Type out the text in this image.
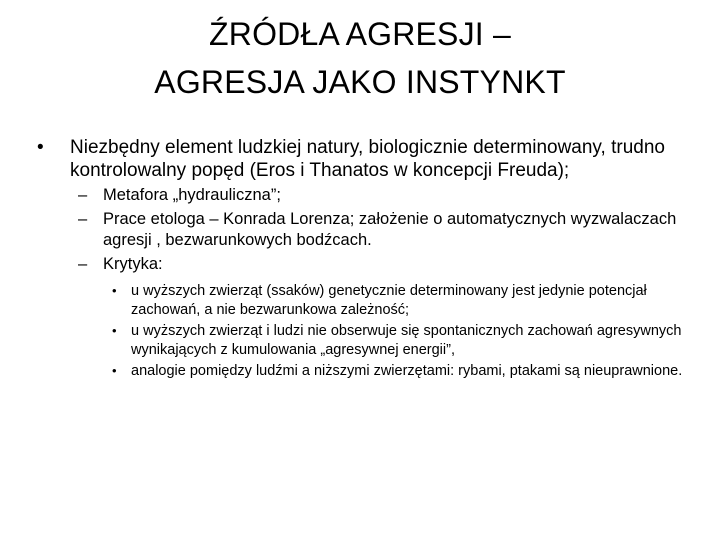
ŹRÓDŁA AGRESJI –
AGRESJA JAKO INSTYNKT
• Niezbędny element ludzkiej natury, biologicznie determinowany, trudno kontrolowalny popęd (Eros i Thanatos w koncepcji Freuda);
– Metafora „hydrauliczna”;
– Prace etologa – Konrada Lorenza; założenie o automatycznych wyzwalaczach agresji , bezwarunkowych bodźcach.
– Krytyka:
• u wyższych zwierząt (ssaków) genetycznie determinowany jest jedynie potencjał zachowań, a nie bezwarunkowa zależność;
• u wyższych zwierząt i ludzi nie obserwuje się spontanicznych zachowań agresywnych wynikających z kumulowania „agresywnej energii”,
• analogie pomiędzy ludźmi a niższymi zwierzętami: rybami, ptakami są nieuprawnione.
